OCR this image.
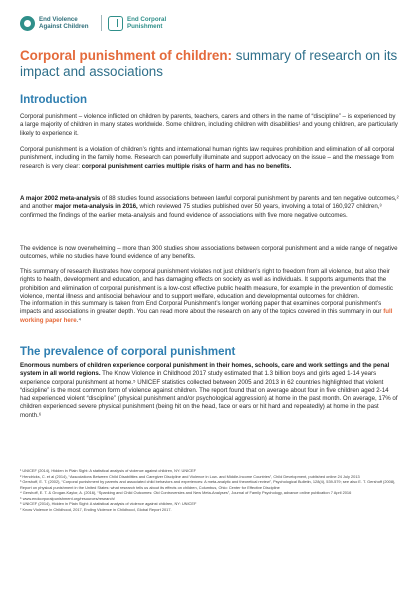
End Violence
Against Children
End Corporal
Punishment
Corporal punishment of children: summary of research on its impact and associations
Introduction

Corporal punishment – violence inflicted on children by parents, teachers, carers and others in the name of “discipline” – is experienced by a large majority of children in many states worldwide. Some children, including children with disabilities¹ and young children, are particularly likely to experience it.

Corporal punishment is a violation of children’s rights and international human rights law requires prohibition and elimination of all corporal punishment, including in the family home. Research can powerfully illuminate and support advocacy on the issue – and the message from research is very clear: corporal punishment carries multiple risks of harm and has no benefits.

A major 2002 meta-analysis of 88 studies found associations between lawful corporal punishment by parents and ten negative outcomes,² and another major meta-analysis in 2016, which reviewed 75 studies published over 50 years, involving a total of 160,927 children,³ confirmed the findings of the earlier meta-analysis and found evidence of associations with five more negative outcomes.

The evidence is now overwhelming – more than 300 studies show associations between corporal punishment and a wide range of negative outcomes, while no studies have found evidence of any benefits.

This summary of research illustrates how corporal punishment violates not just children’s right to freedom from all violence, but also their rights to health, development and education, and has damaging effects on society as well as individuals. It supports arguments that the prohibition and elimination of corporal punishment is a low-cost effective public health measure, for example in the prevention of domestic violence, mental illness and antisocial behaviour and to support welfare, education and developmental outcomes for children.

The information in this summary is taken from End Corporal Punishment’s longer working paper that examines corporal punishment’s impacts and associations in greater depth. You can read more about the research on any of the topics covered in this summary in our full working paper here.⁴

The prevalence of corporal punishment

Enormous numbers of children experience corporal punishment in their homes, schools, care and work settings and the penal system in all world regions. The Know Violence in Childhood 2017 study estimated that 1.3 billion boys and girls aged 1-14 years experience corporal punishment at home.⁵ UNICEF statistics collected between 2005 and 2013 in 62 countries highlighted that violent “discipline” is the most common form of violence against children. The report found that on average about four in five children aged 2-14 had experienced violent “discipline” (physical punishment and/or psychological aggression) at home in the past month. On average, 17% of children experienced severe physical punishment (being hit on the head, face or ears or hit hard and repeatedly) at home in the past month.⁶

¹ UNICEF (2014), Hidden in Plain Sight: A statistical analysis of violence against children, NY: UNICEF

² Hendricks, C. et al (2014), “Associations Between Child Disabilities and Caregiver Discipline and Violence in Low- and Middle-Income Countries”, Child Development, published online 24 July 2013

³ Gershoff, E. T. (2002), “Corporal punishment by parents and associated child behaviors and experiences: A meta-analytic and theoretical review”, Psychological Bulletin, 128(4), 539-579; see also E. T. Gershoff (2008), Report on physical punishment in the United States: what research tells us about its effects on children, Columbus, Ohio: Center for Effective Discipline

⁴ Gershoff, E. T. & Grogan-Kaylor, A. (2016), “Spanking and Child Outcomes: Old Controversies and New Meta-Analyses”, Journal of Family Psychology, advance online publication 7 April 2016

⁵ www.endcorporalpunishment.org/resources/research/

⁶ UNICEF (2014), Hidden in Plain Sight: A statistical analysis of violence against children, NY: UNICEF

⁷ Know Violence in Childhood, 2017, Ending Violence in Childhood, Global Report 2017.
